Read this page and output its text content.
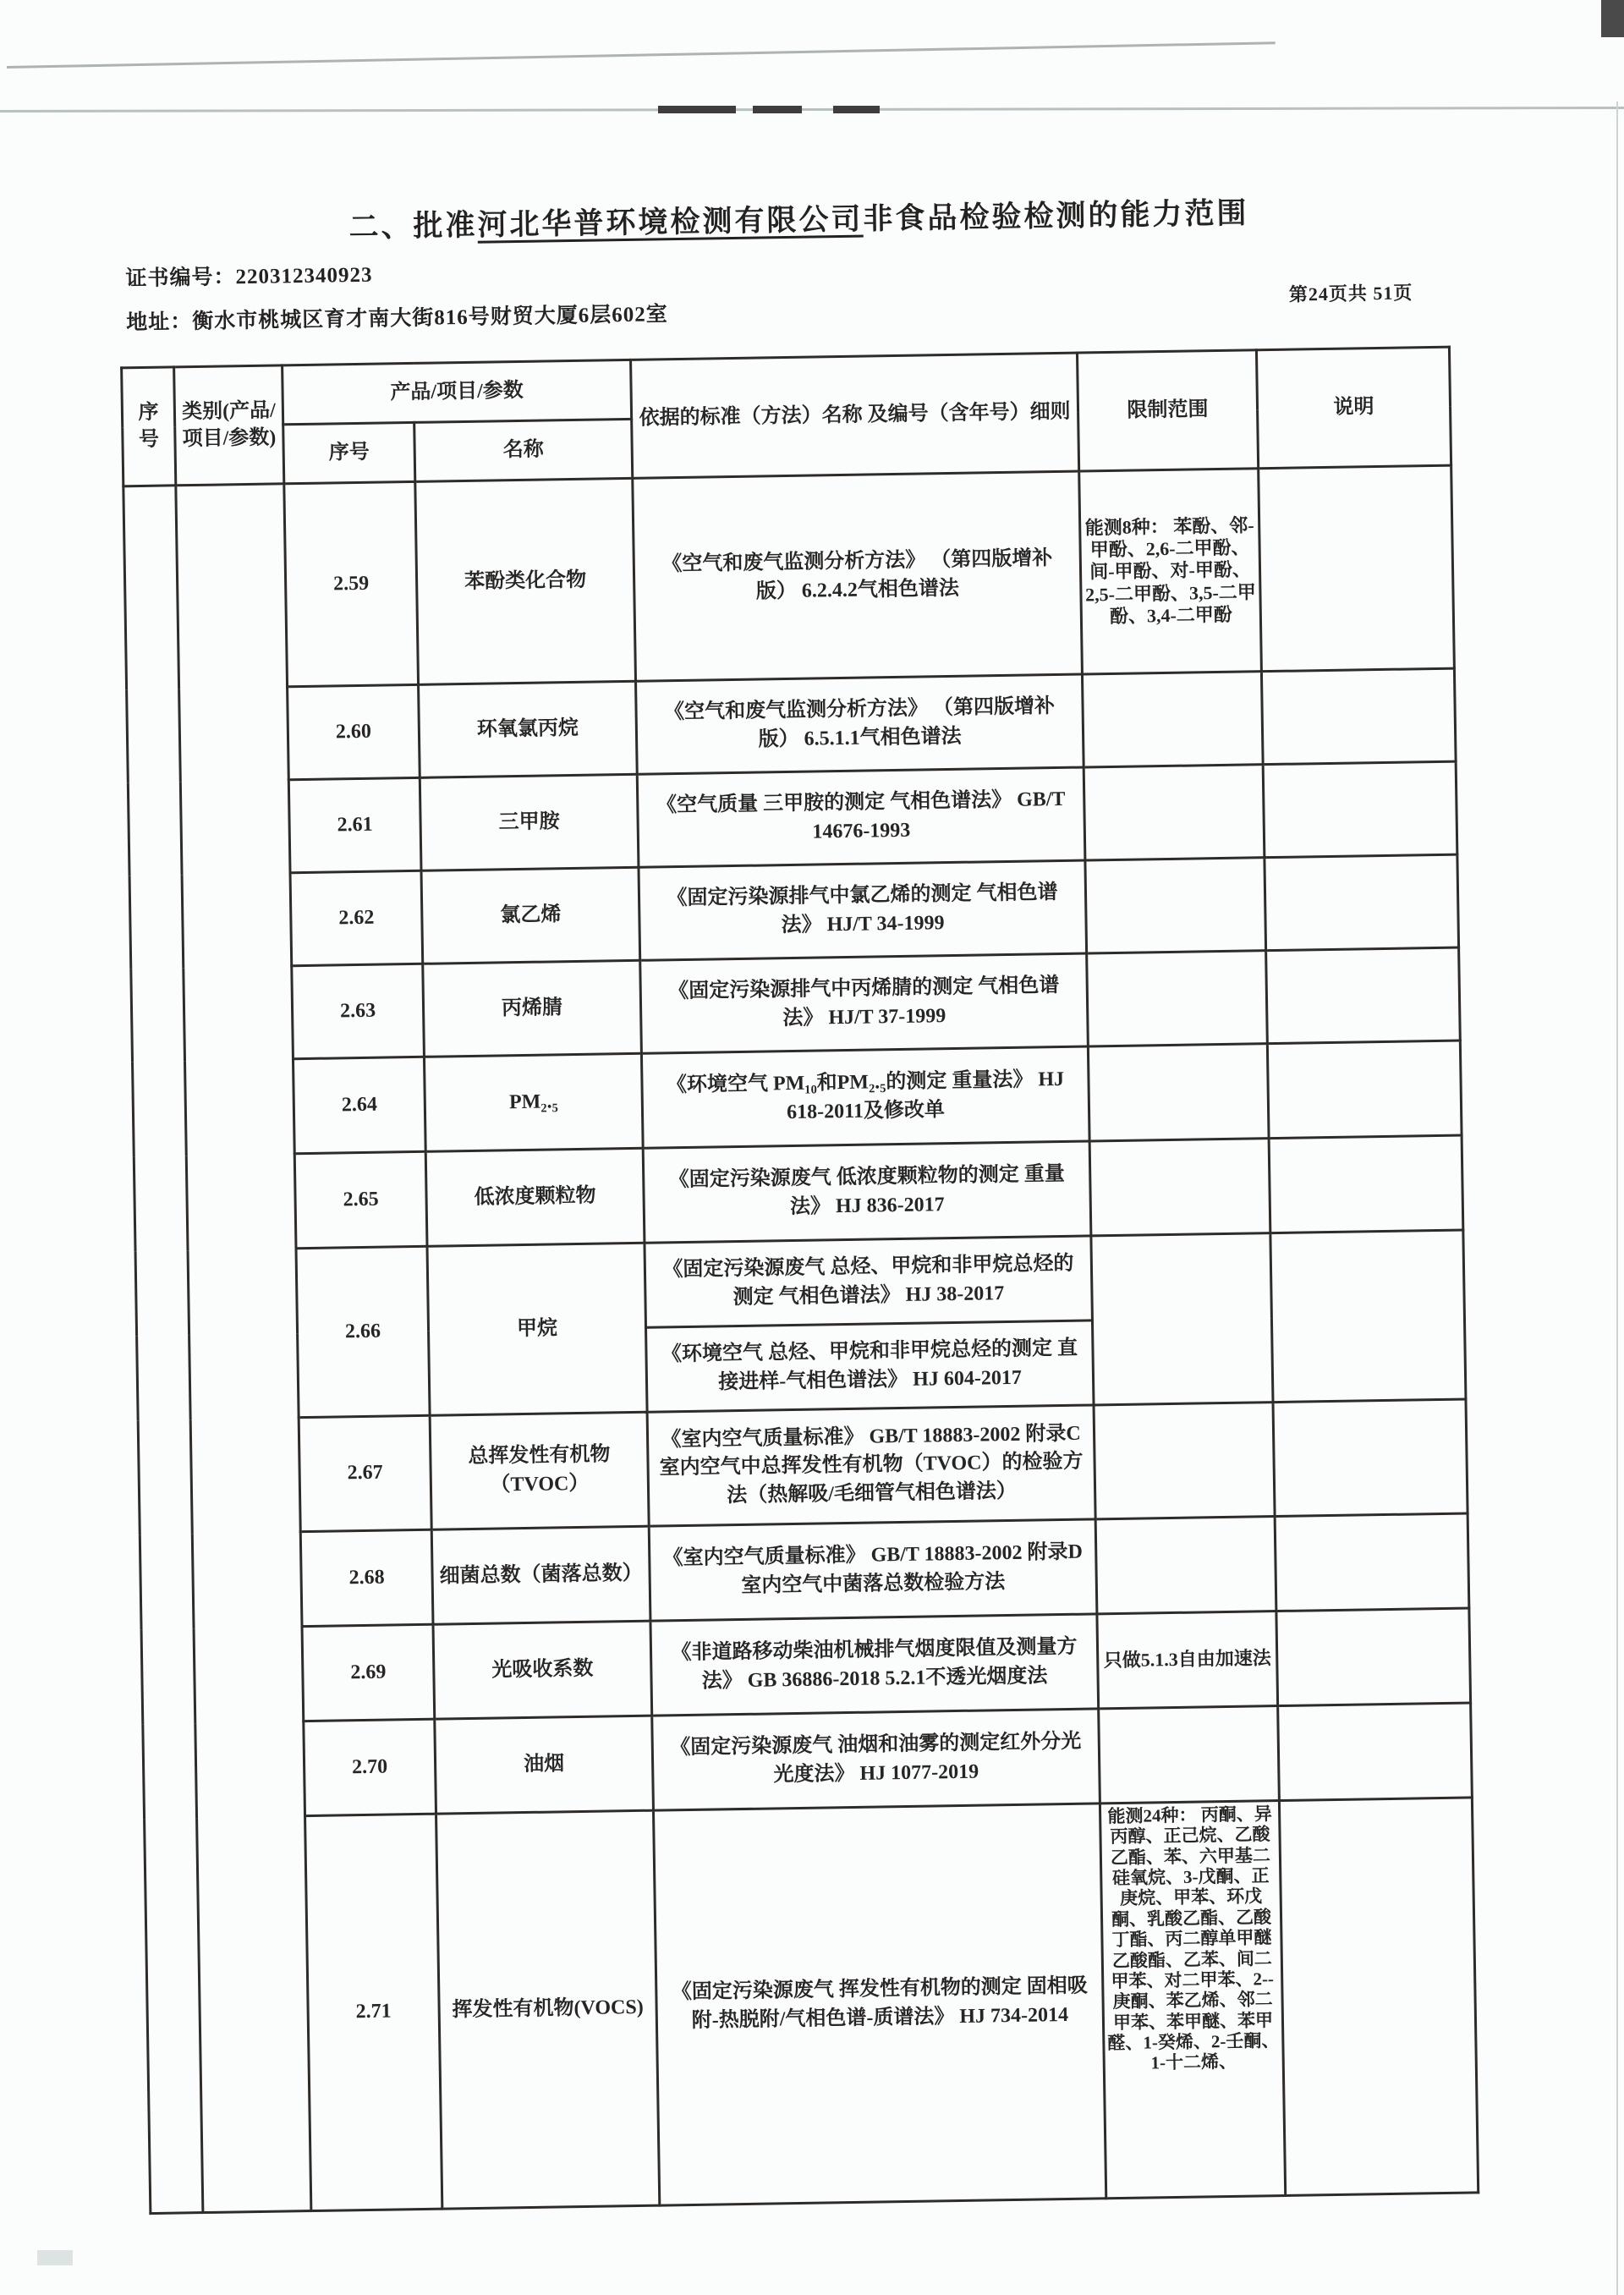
二、批准河北华普环境检测有限公司非食品检验检测的能力范围
证书编号：220312340923
地址：衡水市桃城区育才南大街816号财贸大厦6层602室
第24页共 51页
序号	类别(产品/项目/参数)	产品/项目/参数		依据的标准（方法）名称 及编号（含年号）细则	限制范围	说明
		序号	名称			
		2.59	苯酚类化合物	《空气和废气监测分析方法》 （第四版增补版） 6.2.4.2气相色谱法	能测8种： 苯酚、邻-甲酚、2,6-二甲酚、间-甲酚、对-甲酚、2,5-二甲酚、3,5-二甲酚、3,4-二甲酚	
		2.60	环氧氯丙烷	《空气和废气监测分析方法》 （第四版增补版） 6.5.1.1气相色谱法		
		2.61	三甲胺	《空气质量 三甲胺的测定 气相色谱法》 GB/T 14676-1993		
		2.62	氯乙烯	《固定污染源排气中氯乙烯的测定 气相色谱法》 HJ/T 34-1999		
		2.63	丙烯腈	《固定污染源排气中丙烯腈的测定 气相色谱法》 HJ/T 37-1999		
		2.64	PM₂.₅	《环境空气 PM₁₀和PM₂.₅的测定 重量法》 HJ 618-2011及修改单		
		2.65	低浓度颗粒物	《固定污染源废气 低浓度颗粒物的测定 重量法》 HJ 836-2017		
		2.66	甲烷	《固定污染源废气 总烃、甲烷和非甲烷总烃的测定 气相色谱法》 HJ 38-2017		
				《环境空气 总烃、甲烷和非甲烷总烃的测定 直接进样-气相色谱法》 HJ 604-2017		
		2.67	总挥发性有机物（TVOC）	《室内空气质量标准》 GB/T 18883-2002 附录C 室内空气中总挥发性有机物（TVOC）的检验方法（热解吸/毛细管气相色谱法）		
		2.68	细菌总数（菌落总数）	《室内空气质量标准》 GB/T 18883-2002 附录D 室内空气中菌落总数检验方法		
		2.69	光吸收系数	《非道路移动柴油机械排气烟度限值及测量方法》 GB 36886-2018 5.2.1不透光烟度法	只做5.1.3自由加速法	
		2.70	油烟	《固定污染源废气 油烟和油雾的测定红外分光光度法》 HJ 1077-2019		
		2.71	挥发性有机物(VOCS)	《固定污染源废气 挥发性有机物的测定 固相吸附-热脱附/气相色谱-质谱法》 HJ 734-2014	能测24种： 丙酮、异丙醇、正己烷、乙酸乙酯、苯、六甲基二硅氧烷、3-戊酮、正庚烷、甲苯、环戊酮、乳酸乙酯、乙酸丁酯、丙二醇单甲醚乙酸酯、乙苯、间二甲苯、对二甲苯、2--庚酮、苯乙烯、邻二甲苯、苯甲醚、苯甲醛、1-癸烯、2-壬酮、1-十二烯、	
